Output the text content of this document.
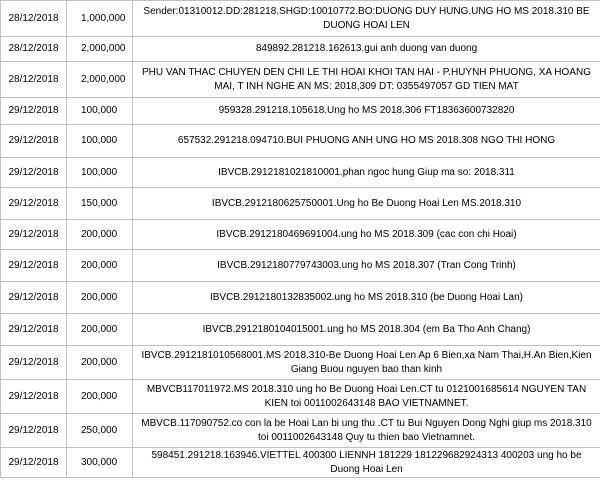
28/12/2018	1,000,000	Sender:01310012.DD:281218.SHGD:10010772.BO:DUONG DUY HUNG.UNG HO MS 2018.310 BE DUONG HOAI LEN
28/12/2018	2,000,000	849892.281218.162613.gui anh duong van duong
28/12/2018	2,000,000	PHU VAN THAC CHUYEN DEN CHI LE THI HOAI KHOI TAN HAI - P.HUYNH PHUONG, XA HOANG MAI, T INH NGHE AN MS: 2018,309 DT: 0355497057 GD TIEN MAT
29/12/2018	100,000	959328.291218.105618.Ung ho MS 2018.306 FT18363600732820
29/12/2018	100,000	657532.291218.094710.BUI PHUONG ANH UNG HO MS 2018.308 NGO THI HONG
29/12/2018	100,000	IBVCB.2912181021810001.phan ngoc hung Giup ma so: 2018.311
29/12/2018	150,000	IBVCB.2912180625750001.Ung ho Be Duong Hoai Len MS.2018.310
29/12/2018	200,000	IBVCB.2912180469691004.ung ho MS 2018.309 (cac con chi Hoai)
29/12/2018	200,000	IBVCB.2912180779743003.ung ho MS 2018.307 (Tran Cong Trinh)
29/12/2018	200,000	IBVCB.2912180132835002.ung ho MS 2018.310 (be Duong Hoai Lan)
29/12/2018	200,000	IBVCB.2912180104015001.ung ho MS 2018.304 (em Ba Tho Anh Chang)
29/12/2018	200,000	IBVCB.2912181010568001.MS 2018.310-Be Duong Hoai Len Ap 6 Bien,xa Nam Thai,H.An Bien,Kien Giang Buou nguyen bao than kinh
29/12/2018	200,000	MBVCB117011972.MS 2018.310 ung ho Be Duong Hoai Len.CT tu 0121001685614 NGUYEN TAN KIEN toi 0011002643148 BAO VIETNAMNET.
29/12/2018	250,000	MBVCB.117090752.co con la be Hoai Lan bi ung thu .CT tu Bui Nguyen Dong Nghi giup ms 2018.310 toi 0011002643148 Quy tu thien bao Vietnamnet.
29/12/2018	300,000	598451.291218.163946.VIETTEL 400300 LIENNH 181229 181229682924313 400203 ung ho be Duong Hoai Len
